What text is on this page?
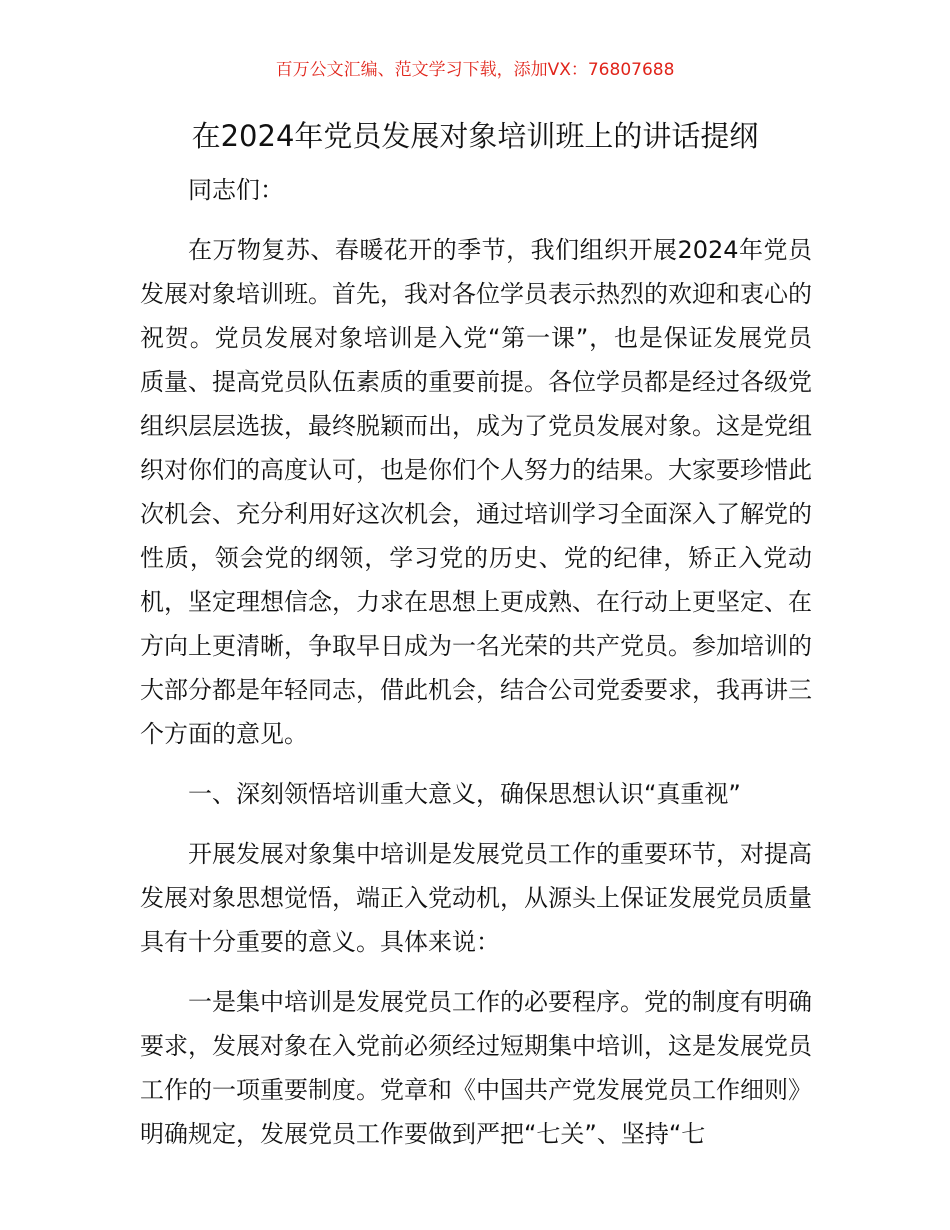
百万公文汇编、范文学习下载，添加VX：76807688
在2024年党员发展对象培训班上的讲话提纲

同志们：

在万物复苏、春暖花开的季节，我们组织开展2024年党员发展对象培训班。首先，我对各位学员表示热烈的欢迎和衷心的祝贺。党员发展对象培训是入党“第一课”，也是保证发展党员质量、提高党员队伍素质的重要前提。各位学员都是经过各级党组织层层选拔，最终脱颖而出，成为了党员发展对象。这是党组织对你们的高度认可，也是你们个人努力的结果。大家要珍惜此次机会、充分利用好这次机会，通过培训学习全面深入了解党的性质，领会党的纲领，学习党的历史、党的纪律，矫正入党动机，坚定理想信念，力求在思想上更成熟、在行动上更坚定、在方向上更清晰，争取早日成为一名光荣的共产党员。参加培训的大部分都是年轻同志，借此机会，结合公司党委要求，我再讲三个方面的意见。

一、深刻领悟培训重大意义，确保思想认识“真重视”

开展发展对象集中培训是发展党员工作的重要环节，对提高发展对象思想觉悟，端正入党动机，从源头上保证发展党员质量具有十分重要的意义。具体来说：

一是集中培训是发展党员工作的必要程序。党的制度有明确要求，发展对象在入党前必须经过短期集中培训，这是发展党员工作的一项重要制度。党章和《中国共产党发展党员工作细则》明确规定，发展党员工作要做到严把“七关”、坚持“七
